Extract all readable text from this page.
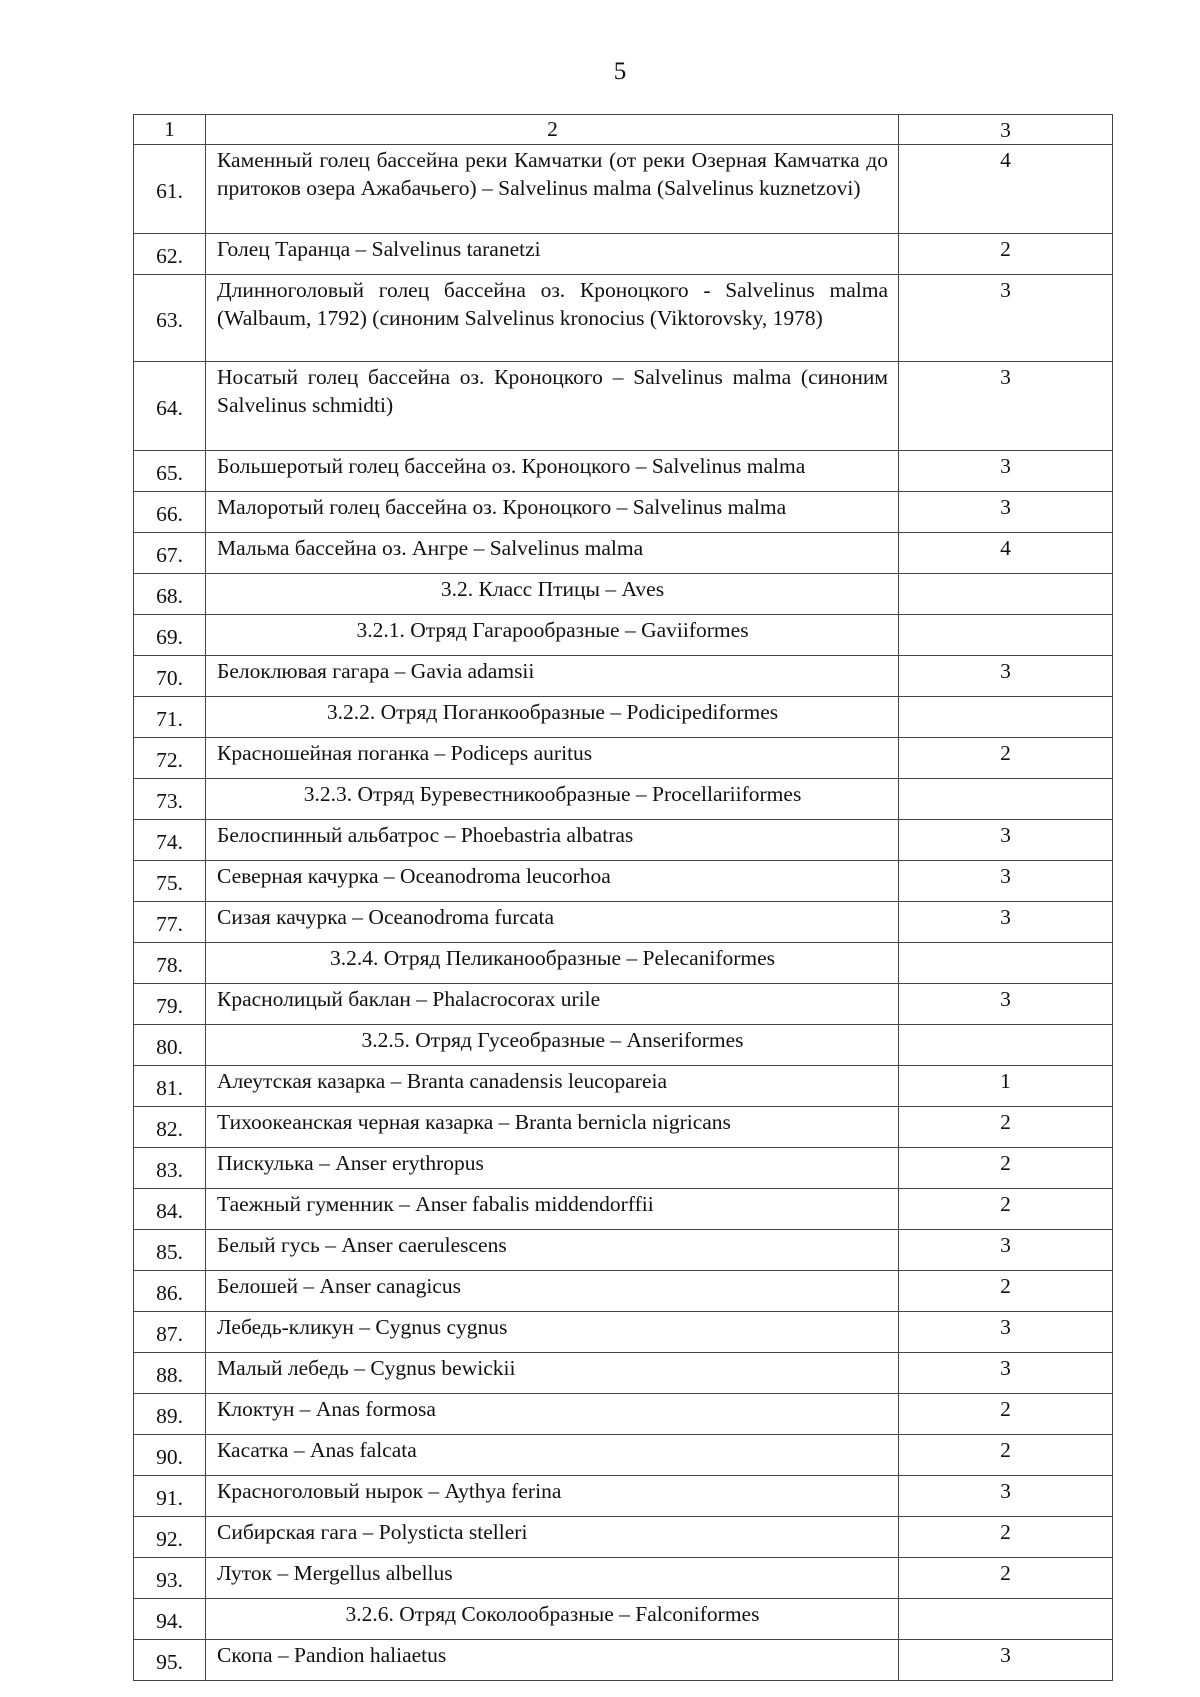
5
1	2	3
61.	Каменный голец бассейна реки Камчатки (от реки Озерная Камчатка до притоков озера Ажабачьего) – Salvelinus malma (Salvelinus kuznetzovi)	4
62.	Голец Таранца – Salvelinus taranetzi	2
63.	Длинноголовый голец бассейна оз. Кроноцкого - Salvelinus malma (Walbaum, 1792) (синоним Salvelinus kronocius (Viktorovsky, 1978)	3
64.	Носатый голец бассейна оз. Кроноцкого – Salvelinus malma (синоним Salvelinus schmidti)	3
65.	Большеротый голец бассейна оз. Кроноцкого – Salvelinus malma	3
66.	Малоротый голец бассейна оз. Кроноцкого – Salvelinus malma	3
67.	Мальма бассейна оз. Ангре – Salvelinus malma	4
68.	3.2. Класс Птицы – Aves	
69.	3.2.1. Отряд Гагарообразные – Gaviiformes	
70.	Белоклювая гагара – Gavia adamsii	3
71.	3.2.2. Отряд Поганкообразные – Podicipediformes	
72.	Красношейная поганка – Podiceps auritus	2
73.	3.2.3. Отряд Буревестникообразные – Procellariiformes	
74.	Белоспинный альбатрос – Phoebastria albatras	3
75.	Северная качурка – Oceanodroma leucorhoa	3
77.	Сизая качурка – Oceanodroma furcata	3
78.	3.2.4. Отряд Пеликанообразные – Pelecaniformes	
79.	Краснолицый баклан – Phalacrocorax urile	3
80.	3.2.5. Отряд Гусеобразные – Anseriformes	
81.	Алеутская казарка – Branta canadensis leucopareia	1
82.	Тихоокеанская черная казарка – Branta bernicla nigricans	2
83.	Пискулька – Anser erythropus	2
84.	Таежный гуменник – Anser fabalis middendorffii	2
85.	Белый гусь – Anser caerulescens	3
86.	Белошей – Anser canagicus	2
87.	Лебедь-кликун – Cygnus cygnus	3
88.	Малый лебедь – Cygnus bewickii	3
89.	Клоктун – Anas formosa	2
90.	Касатка – Anas falcata	2
91.	Красноголовый нырок – Aythya ferina	3
92.	Сибирская гага – Polysticta stelleri	2
93.	Луток – Mergellus albellus	2
94.	3.2.6. Отряд Соколообразные – Falconiformes	
95.	Скопа – Pandion haliaetus	3
